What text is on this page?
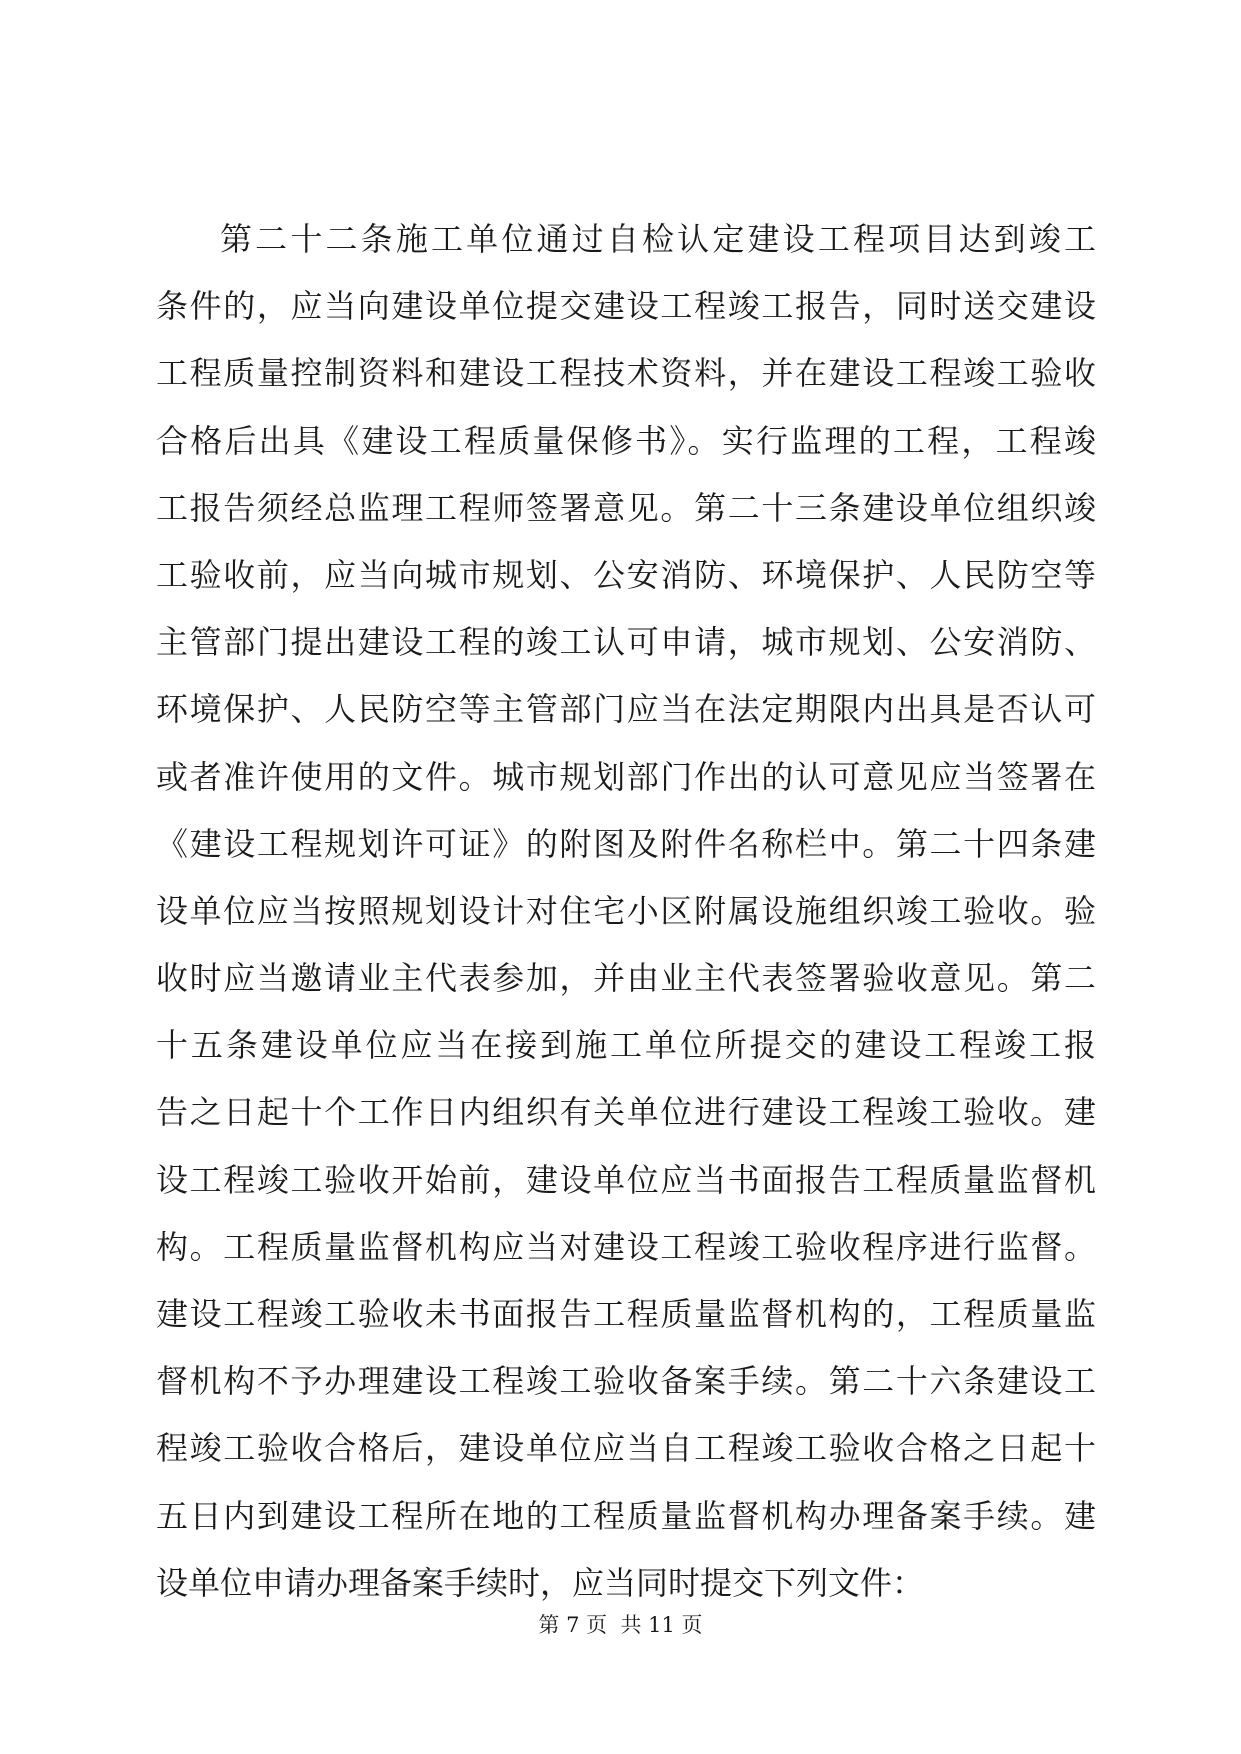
第二十二条施工单位通过自检认定建设工程项目达到竣工
条件的，应当向建设单位提交建设工程竣工报告，同时送交建设
工程质量控制资料和建设工程技术资料，并在建设工程竣工验收
合格后出具《建设工程质量保修书》。实行监理的工程，工程竣
工报告须经总监理工程师签署意见。第二十三条建设单位组织竣
工验收前，应当向城市规划、公安消防、环境保护、人民防空等
主管部门提出建设工程的竣工认可申请，城市规划、公安消防、
环境保护、人民防空等主管部门应当在法定期限内出具是否认可
或者准许使用的文件。城市规划部门作出的认可意见应当签署在
《建设工程规划许可证》的附图及附件名称栏中。第二十四条建
设单位应当按照规划设计对住宅小区附属设施组织竣工验收。验
收时应当邀请业主代表参加，并由业主代表签署验收意见。第二
十五条建设单位应当在接到施工单位所提交的建设工程竣工报
告之日起十个工作日内组织有关单位进行建设工程竣工验收。建
设工程竣工验收开始前，建设单位应当书面报告工程质量监督机
构。工程质量监督机构应当对建设工程竣工验收程序进行监督。
建设工程竣工验收未书面报告工程质量监督机构的，工程质量监
督机构不予办理建设工程竣工验收备案手续。第二十六条建设工
程竣工验收合格后，建设单位应当自工程竣工验收合格之日起十
五日内到建设工程所在地的工程质量监督机构办理备案手续。建
设单位申请办理备案手续时，应当同时提交下列文件：
第 7 页  共 11 页
